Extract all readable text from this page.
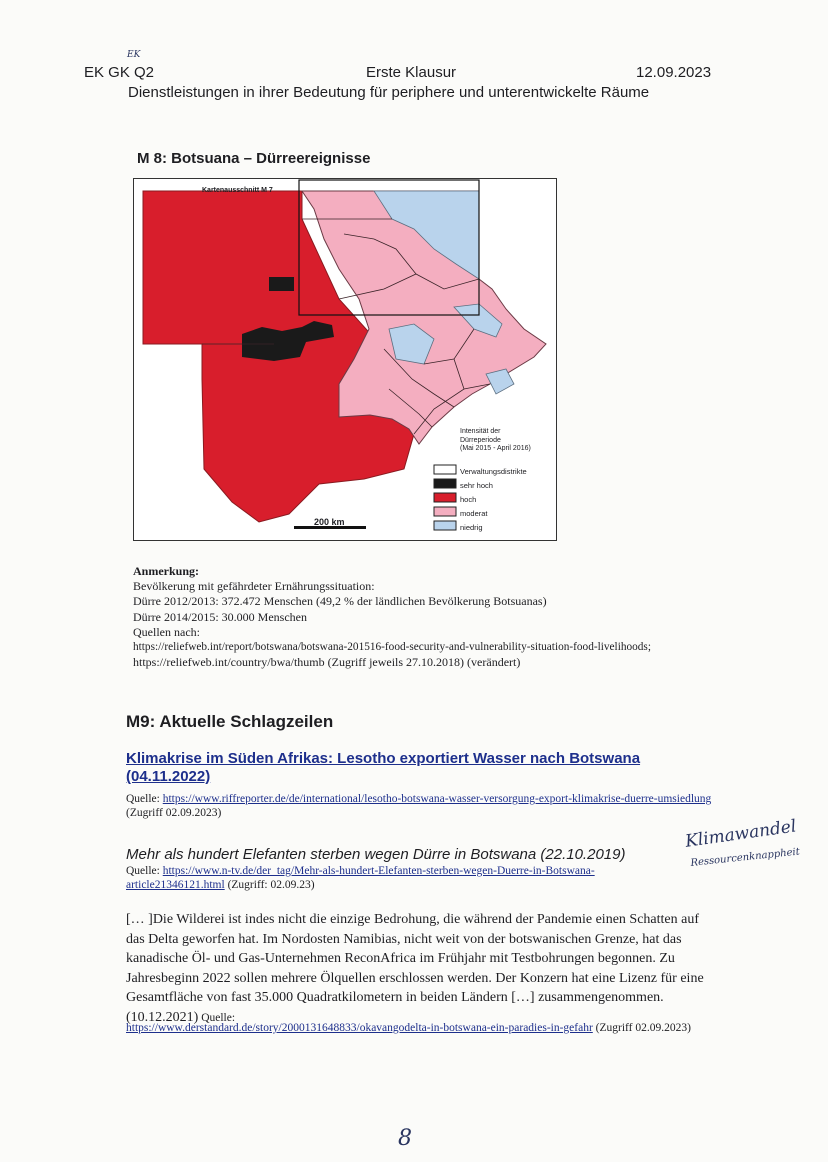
EK GK Q2
EK
Erste Klausur	12.09.2023
Dienstleistungen in ihrer Bedeutung für periphere und unterentwickelte Räume
M 8: Botsuana – Dürreereignisse
Kartenausschnitt M 7
200 km
Intensität der
Dürreperiode
(Mai 2015 - April 2016)
Verwaltungsdistrikte
sehr hoch
hoch
moderat
niedrig
Anmerkung:
Bevölkerung mit gefährdeter Ernährungssituation:
Dürre 2012/2013: 372.472 Menschen (49,2 % der ländlichen Bevölkerung Botsuanas)
Dürre 2014/2015: 30.000 Menschen
Quellen nach:
https://reliefweb.int/report/botswana/botswana-201516-food-security-and-vulnerability-situation-food-livelihoods;
https://reliefweb.int/country/bwa/thumb (Zugriff jeweils 27.10.2018) (verändert)
M9: Aktuelle Schlagzeilen
Klimakrise im Süden Afrikas: Lesotho exportiert Wasser nach Botswana (04.11.2022)
Quelle: https://www.riffreporter.de/de/international/lesotho-botswana-wasser-versorgung-export-klimakrise-duerre-umsiedlung (Zugriff 02.09.2023)
Mehr als hundert Elefanten sterben wegen Dürre in Botswana (22.10.2019)
Quelle: https://www.n-tv.de/der_tag/Mehr-als-hundert-Elefanten-sterben-wegen-Duerre-in-Botswana-article21346121.html (Zugriff: 02.09.23)
Klimawandel
Ressourcenknappheit
[… ]Die Wilderei ist indes nicht die einzige Bedrohung, die während der Pandemie einen Schatten auf das Delta geworfen hat. Im Nordosten Namibias, nicht weit von der botswanischen Grenze, hat das kanadische Öl- und Gas-Unternehmen ReconAfrica im Frühjahr mit Testbohrungen begonnen. Zu Jahresbeginn 2022 sollen mehrere Ölquellen erschlossen werden. Der Konzern hat eine Lizenz für eine Gesamtfläche von fast 35.000 Quadratkilometern in beiden Ländern […] zusammengenommen. (10.12.2021) Quelle:
https://www.derstandard.de/story/2000131648833/okavangodelta-in-botswana-ein-paradies-in-gefahr (Zugriff 02.09.2023)
8
